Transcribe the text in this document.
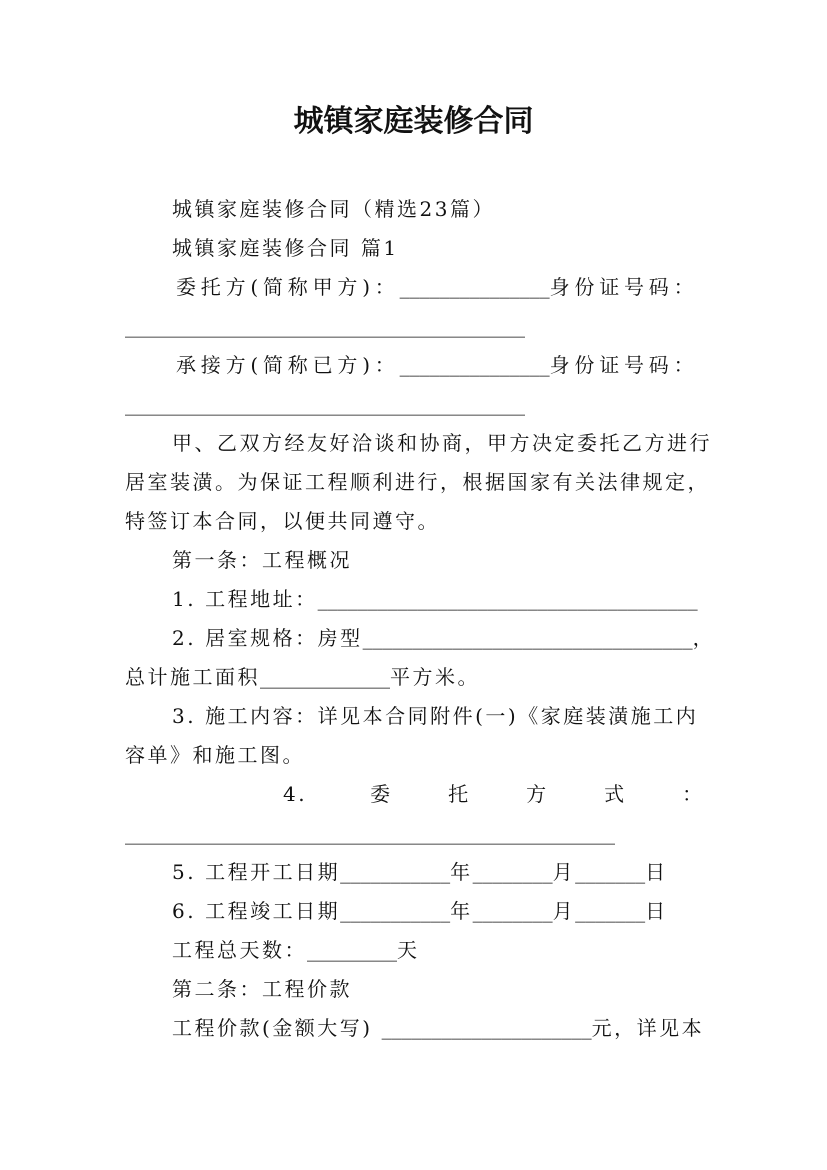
城镇家庭装修合同
城镇家庭装修合同（精选23篇）
城镇家庭装修合同 篇1
委托方(简称甲方)：_______________身份证号码：
________________________________________
承接方(简称已方)：_______________身份证号码：
________________________________________
甲、乙双方经友好洽谈和协商，甲方决定委托乙方进行
居室装潢。为保证工程顺利进行，根据国家有关法律规定，
特签订本合同，以便共同遵守。
第一条：工程概况
1. 工程地址：______________________________________
2. 居室规格：房型_________________________________，
总计施工面积_____________平方米。
3. 施工内容：详见本合同附件(一)《家庭装潢施工内
容单》和施工图。
4.	委托方式：
_________________________________________________
5. 工程开工日期___________年________月_______日
6. 工程竣工日期___________年________月_______日
工程总天数：_________天
第二条：工程价款
工程价款(金额大写) _____________________元，详见本
